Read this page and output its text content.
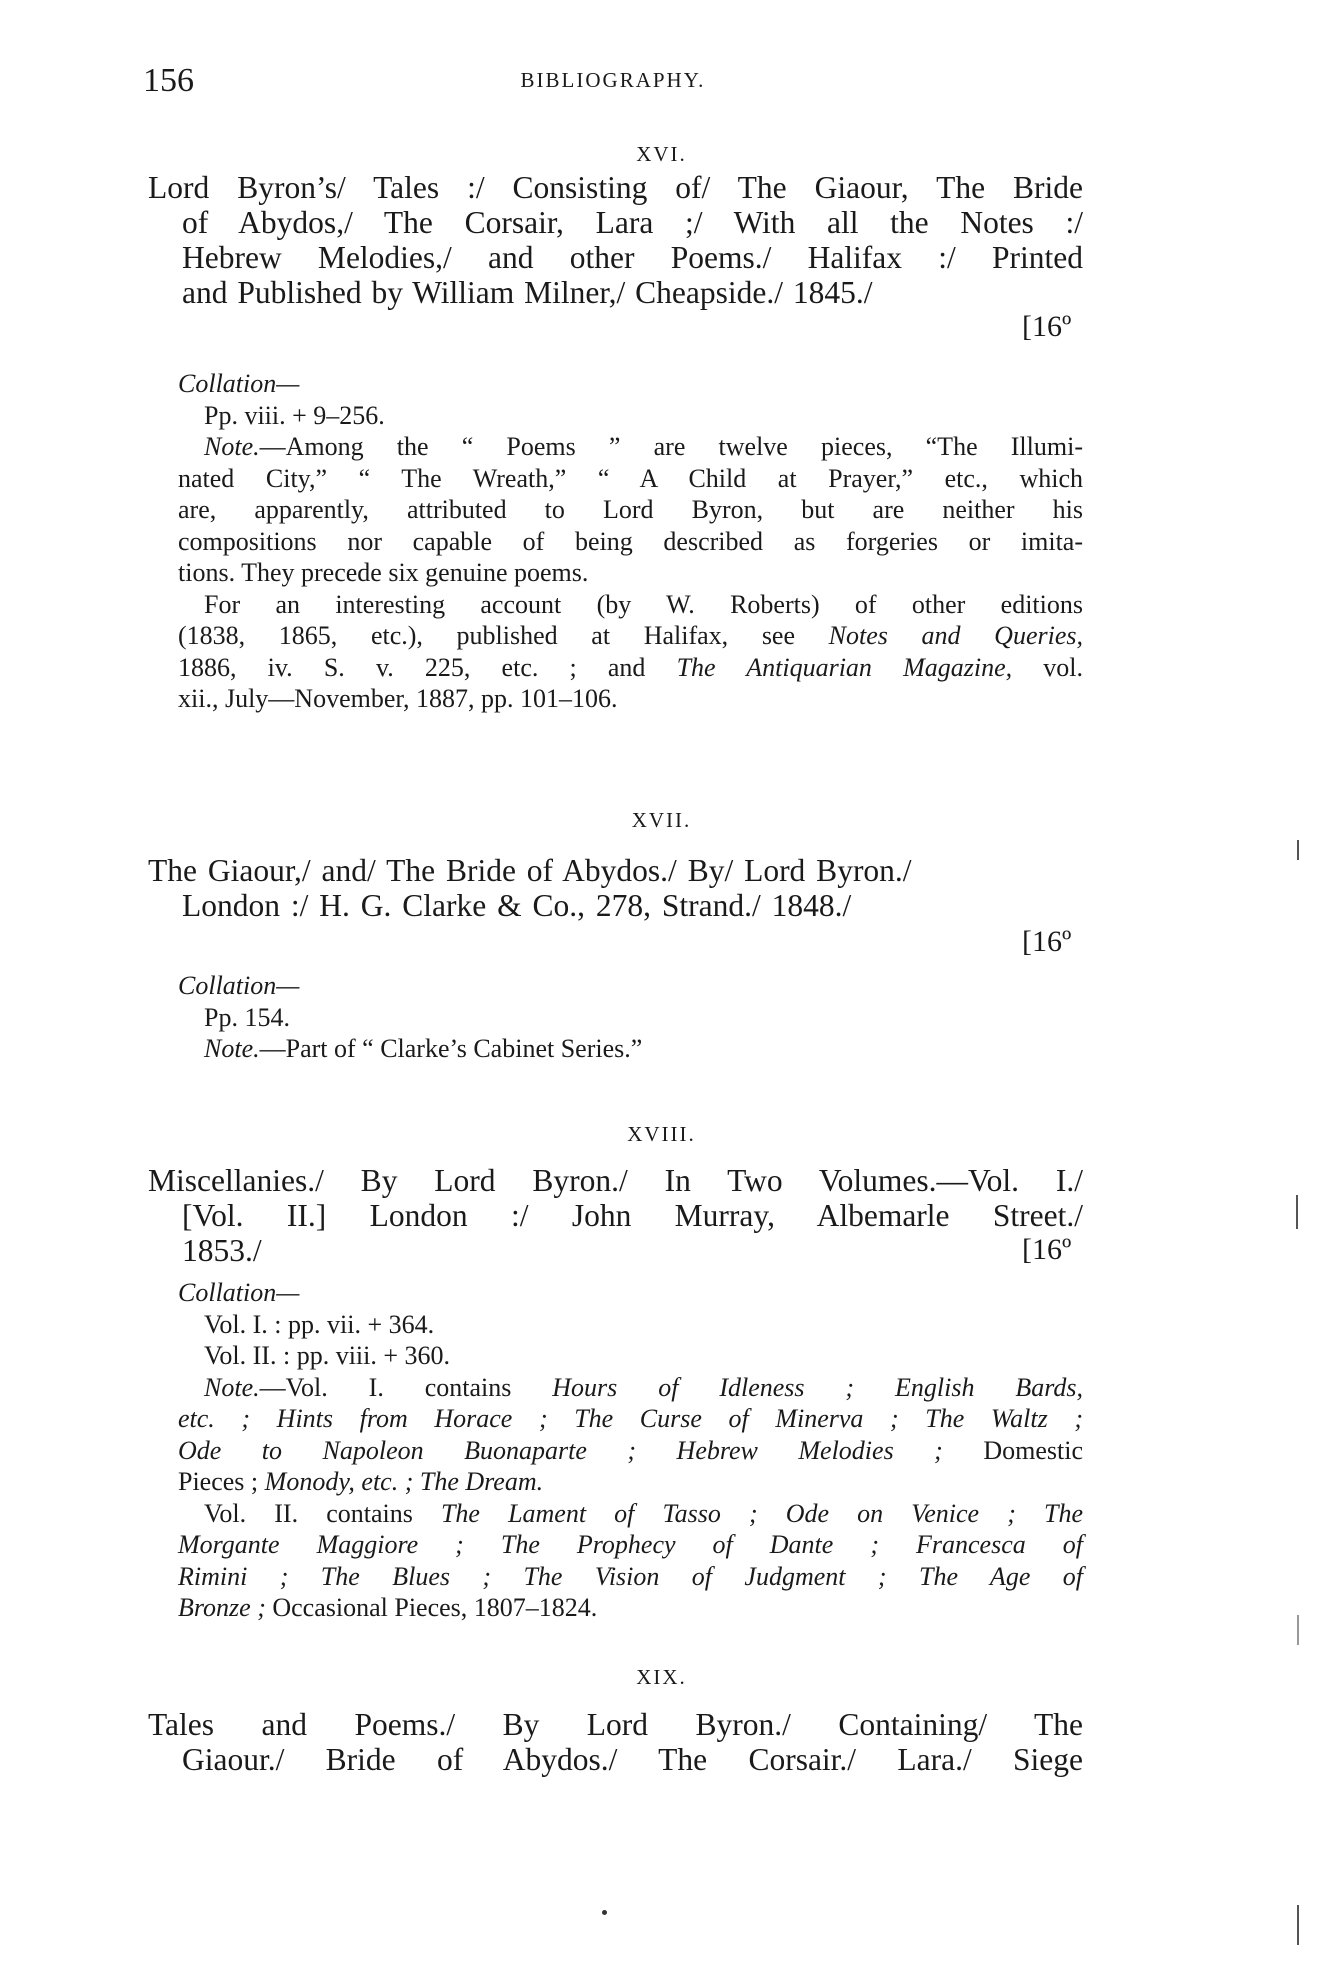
156	BIBLIOGRAPHY.
XVI.
Lord Byron’s/ Tales :/ Consisting of/ The Giaour, The Bride
of Abydos,/ The Corsair, Lara ;/ With all the Notes :/
Hebrew Melodies,/ and other Poems./ Halifax :/ Printed
and Published by William Milner,/ Cheapside./ 1845./
[16º
Collation—
Pp. viii. + 9–256.
Note.—Among the “ Poems ” are twelve pieces, “The Illumi-
nated City,” “ The Wreath,” “ A Child at Prayer,” etc., which
are, apparently, attributed to Lord Byron, but are neither his
compositions nor capable of being described as forgeries or imita-
tions. They precede six genuine poems.
For an interesting account (by W. Roberts) of other editions
(1838, 1865, etc.), published at Halifax, see Notes and Queries,
1886, iv. S. v. 225, etc. ; and The Antiquarian Magazine, vol.
xii., July—November, 1887, pp. 101–106.
XVII.
The Giaour,/ and/ The Bride of Abydos./ By/ Lord Byron./
London :/ H. G. Clarke & Co., 278, Strand./ 1848./
[16º
Collation—
Pp. 154.
Note.—Part of “ Clarke’s Cabinet Series.”
XVIII.
Miscellanies./ By Lord Byron./ In Two Volumes.—Vol. I./
[Vol. II.] London :/ John Murray, Albemarle Street./
1853./	[16º
Collation—
Vol. I. : pp. vii. + 364.
Vol. II. : pp. viii. + 360.
Note.—Vol. I. contains Hours of Idleness ; English Bards,
etc. ; Hints from Horace ; The Curse of Minerva ; The Waltz ;
Ode to Napoleon Buonaparte ; Hebrew Melodies ; Domestic
Pieces ; Monody, etc. ; The Dream.
Vol. II. contains The Lament of Tasso ; Ode on Venice ; The
Morgante Maggiore ; The Prophecy of Dante ; Francesca of
Rimini ; The Blues ; The Vision of Judgment ; The Age of
Bronze ; Occasional Pieces, 1807–1824.
XIX.
Tales and Poems./ By Lord Byron./ Containing/ The
Giaour./ Bride of Abydos./ The Corsair./ Lara./ Siege
